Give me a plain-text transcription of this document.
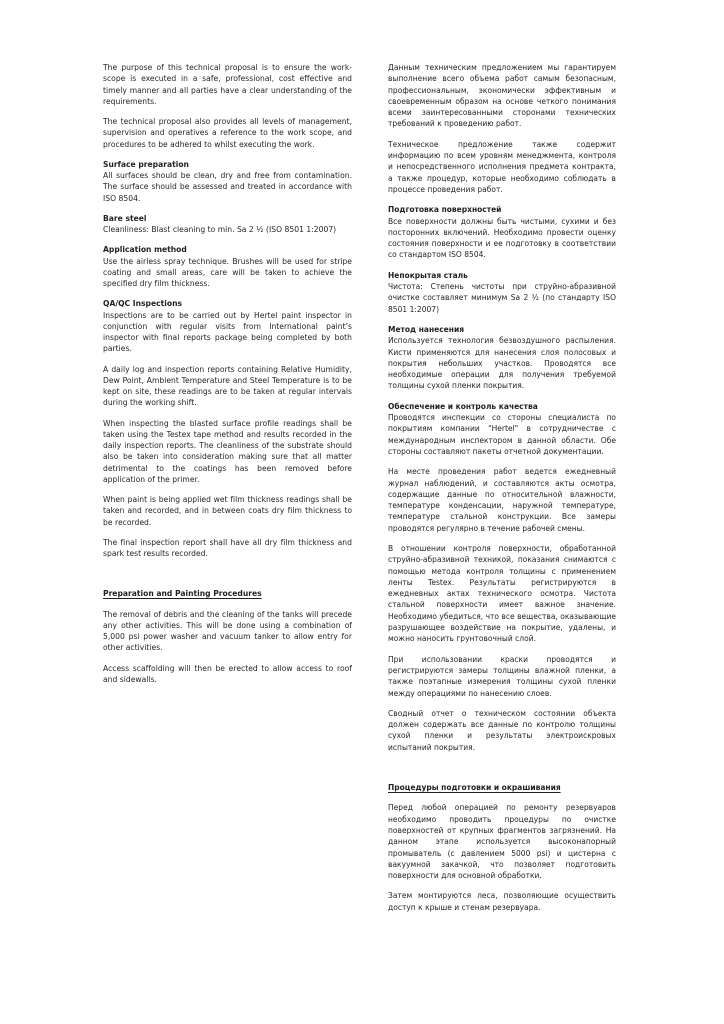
The purpose of this technical proposal is to ensure the work-scope is executed in a safe, professional, cost effective and timely manner and all parties have a clear understanding of the requirements.

The technical proposal also provides all levels of management, supervision and operatives a reference to the work scope, and procedures to be adhered to whilst executing the work.

Surface preparation

All surfaces should be clean, dry and free from contamination. The surface should be assessed and treated in accordance with ISO 8504.

Bare steel

Cleanliness: Blast cleaning to min. Sa 2 ½ (ISO 8501 1:2007)

Application method

Use the airless spray technique. Brushes will be used for stripe coating and small areas, care will be taken to achieve the specified dry film thickness.

QA/QC Inspections

Inspections are to be carried out by Hertel paint inspector in conjunction with regular visits from International paint’s inspector with final reports package being completed by both parties.

A daily log and inspection reports containing Relative Humidity, Dew Point, Ambient Temperature and Steel Temperature is to be kept on site, these readings are to be taken at regular intervals during the working shift.

When inspecting the blasted surface profile readings shall be taken using the Testex tape method and results recorded in the daily inspection reports. The cleanliness of the substrate should also be taken into consideration making sure that all matter detrimental to the coatings has been removed before application of the primer.

When paint is being applied wet film thickness readings shall be taken and recorded, and in between coats dry film thickness to be recorded.

The final inspection report shall have all dry film thickness and spark test results recorded.

Preparation and Painting Procedures

The removal of debris and the cleaning of the tanks will precede any other activities. This will be done using a combination of 5,000 psi power washer and vacuum tanker to allow entry for other activities.

Access scaffolding will then be erected to allow access to roof and sidewalls.

Данным техническим предложением мы гарантируем выполнение всего объема работ самым безопасным, профессиональным, экономически эффективным и своевременным образом на основе четкого понимания всеми заинтересованными сторонами технических требований к проведению работ.

Техническое предложение также содержит информацию по всем уровням менеджмента, контроля и непосредственного исполнения предмета контракта, а также процедур, которые необходимо соблюдать в процессе проведения работ.

Подготовка поверхностей

Все поверхности должны быть чистыми, сухими и без посторонних включений. Необходимо провести оценку состояния поверхности и ее подготовку в соответствии со стандартом ISO 8504.

Непокрытая сталь

Чистота: Степень чистоты при струйно-абразивной очистке составляет минимум Sa 2 ½ (по стандарту ISO 8501 1:2007)

Метод нанесения

Используется технология безвоздушного распыления. Кисти применяются для нанесения слоя полосовых и покрытия небольших участков. Проводятся все необходимые операции для получения требуемой толщины сухой пленки покрытия.

Обеспечение и контроль качества

Проводятся инспекции со стороны специалиста по покрытиям компании "Hertel" в сотрудничестве с международным инспектором в данной области. Обе стороны составляют пакеты отчетной документации.

На месте проведения работ ведется ежедневный журнал наблюдений, и составляются акты осмотра, содержащие данные по относительной влажности, температуре конденсации, наружной температуре, температуре стальной конструкции. Все замеры проводятся регулярно в течение рабочей смены.

В отношении контроля поверхности, обработанной струйно-абразивной техникой, показания снимаются с помощью метода контроля толщины с применением ленты Testex. Результаты регистрируются в ежедневных актах технического осмотра. Чистота стальной поверхности имеет важное значение. Необходимо убедиться, что все вещества, оказывающие разрушающее воздействие на покрытие, удалены, и можно наносить грунтовочный слой.

При использовании краски проводятся и регистрируются замеры толщины влажной пленки, а также поэтапные измерения толщины сухой пленки между операциями по нанесению слоев.

Сводный отчет о техническом состоянии объекта должен содержать все данные по контролю толщины сухой пленки и результаты электроискровых испытаний покрытия.

Процедуры подготовки и окрашивания

Перед любой операцией по ремонту резервуаров необходимо проводить процедуры по очистке поверхностей от крупных фрагментов загрязнений. На данном этапе используется высоконапорный промыватель (с давлением 5000 psi) и цистерна с вакуумной закачкой, что позволяет подготовить поверхности для основной обработки.

Затем монтируются леса, позволяющие осуществить доступ к крыше и стенам резервуара.
